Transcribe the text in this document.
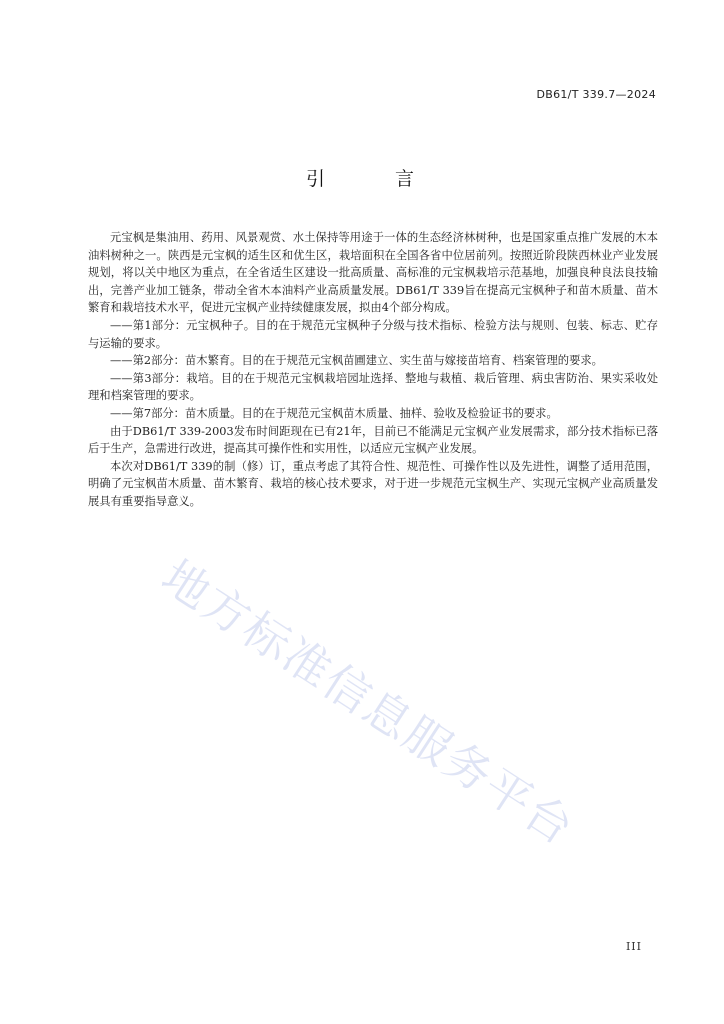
DB61/T 339.7—2024
引 言

元宝枫是集油用、药用、风景观赏、水土保持等用途于一体的生态经济林树种，也是国家重点推广发展的木本油料树种之一。陕西是元宝枫的适生区和优生区，栽培面积在全国各省中位居前列。按照近阶段陕西林业产业发展规划，将以关中地区为重点，在全省适生区建设一批高质量、高标准的元宝枫栽培示范基地，加强良种良法良技输出，完善产业加工链条，带动全省木本油料产业高质量发展。DB61/T 339旨在提高元宝枫种子和苗木质量、苗木繁育和栽培技术水平，促进元宝枫产业持续健康发展，拟由4个部分构成。

——第1部分：元宝枫种子。目的在于规范元宝枫种子分级与技术指标、检验方法与规则、包装、标志、贮存与运输的要求。

——第2部分：苗木繁育。目的在于规范元宝枫苗圃建立、实生苗与嫁接苗培育、档案管理的要求。

——第3部分：栽培。目的在于规范元宝枫栽培园址选择、整地与栽植、栽后管理、病虫害防治、果实采收处理和档案管理的要求。

——第7部分：苗木质量。目的在于规范元宝枫苗木质量、抽样、验收及检验证书的要求。

由于DB61/T 339-2003发布时间距现在已有21年，目前已不能满足元宝枫产业发展需求，部分技术指标已落后于生产，急需进行改进，提高其可操作性和实用性，以适应元宝枫产业发展。

本次对DB61/T 339的制（修）订，重点考虑了其符合性、规范性、可操作性以及先进性，调整了适用范围，明确了元宝枫苗木质量、苗木繁育、栽培的核心技术要求，对于进一步规范元宝枫生产、实现元宝枫产业高质量发展具有重要指导意义。

地方标准信息服务平台
III
